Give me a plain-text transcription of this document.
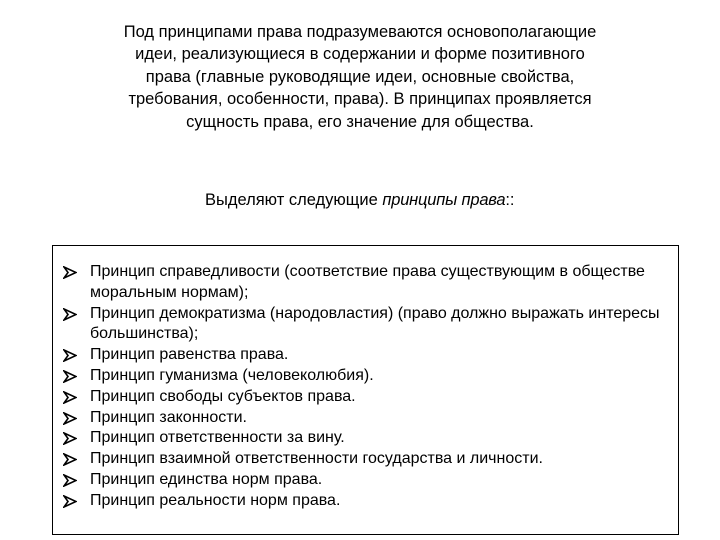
Под принципами права подразумеваются основополагающие идеи, реализующиеся в содержании и форме позитивного права (главные руководящие идеи, основные свойства, требования, особенности, права). В принципах проявляется сущность права, его значение для общества.

Выделяют следующие принципы права::

Принцип справедливости (соответствие права существующим в обществе моральным нормам);
Принцип демократизма (народовластия) (право должно выражать интересы большинства);
Принцип равенства права.
Принцип гуманизма (человеколюбия).
Принцип свободы субъектов права.
Принцип законности.
Принцип ответственности за вину.
Принцип взаимной ответственности государства и личности.
Принцип единства норм права.
Принцип реальности норм права.
